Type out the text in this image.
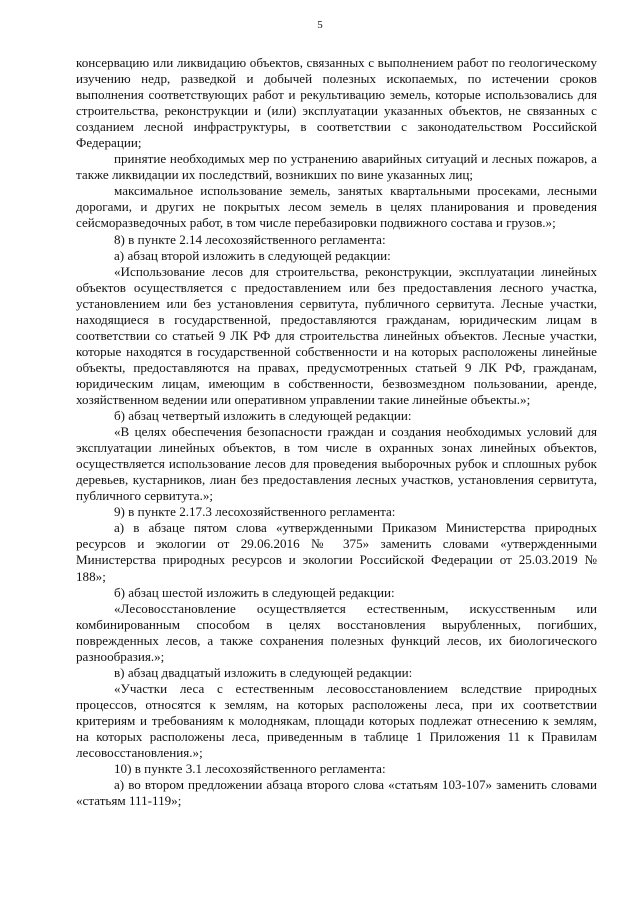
5

консервацию или ликвидацию объектов, связанных с выполнением работ по геологическому изучению недр, разведкой и добычей полезных ископаемых, по истечении сроков выполнения соответствующих работ и рекультивацию земель, которые использовались для строительства, реконструкции и (или) эксплуатации указанных объектов, не связанных с созданием лесной инфраструктуры, в соответствии с законодательством Российской Федерации;

принятие необходимых мер по устранению аварийных ситуаций и лесных пожаров, а также ликвидации их последствий, возникших по вине указанных лиц;

максимальное использование земель, занятых квартальными просеками, лесными дорогами, и других не покрытых лесом земель в целях планирования и проведения сейсморазведочных работ, в том числе перебазировки подвижного состава и грузов.»;

8) в пункте 2.14 лесохозяйственного регламента:

а) абзац второй изложить в следующей редакции:

«Использование лесов для строительства, реконструкции, эксплуатации линейных объектов осуществляется с предоставлением или без предоставления лесного участка, установлением или без установления сервитута, публичного сервитута. Лесные участки, находящиеся в государственной, предоставляются гражданам, юридическим лицам в соответствии со статьей 9 ЛК РФ для строительства линейных объектов. Лесные участки, которые находятся в государственной собственности и на которых расположены линейные объекты, предоставляются на правах, предусмотренных статьей 9 ЛК РФ, гражданам, юридическим лицам, имеющим в собственности, безвозмездном пользовании, аренде, хозяйственном ведении или оперативном управлении такие линейные объекты.»;

б) абзац четвертый изложить в следующей редакции:

«В целях обеспечения безопасности граждан и создания необходимых условий для эксплуатации линейных объектов, в том числе в охранных зонах линейных объектов, осуществляется использование лесов для проведения выборочных рубок и сплошных рубок деревьев, кустарников, лиан без предоставления лесных участков, установления сервитута, публичного сервитута.»;

9) в пункте 2.17.3 лесохозяйственного регламента:

а) в абзаце пятом слова «утвержденными Приказом Министерства природных ресурсов и экологии от 29.06.2016 № 375» заменить словами «утвержденными Министерства природных ресурсов и экологии Российской Федерации от 25.03.2019 № 188»;

б) абзац шестой изложить в следующей редакции:

«Лесовосстановление осуществляется естественным, искусственным или комбинированным способом в целях восстановления вырубленных, погибших, поврежденных лесов, а также сохранения полезных функций лесов, их биологического разнообразия.»;

в) абзац двадцатый изложить в следующей редакции:

«Участки леса с естественным лесовосстановлением вследствие природных процессов, относятся к землям, на которых расположены леса, при их соответствии критериям и требованиям к молоднякам, площади которых подлежат отнесению к землям, на которых расположены леса, приведенным в таблице 1 Приложения 11 к Правилам лесовосстановления.»;

10) в пункте 3.1 лесохозяйственного регламента:

а) во втором предложении абзаца второго слова «статьям 103-107» заменить словами «статьям 111-119»;
